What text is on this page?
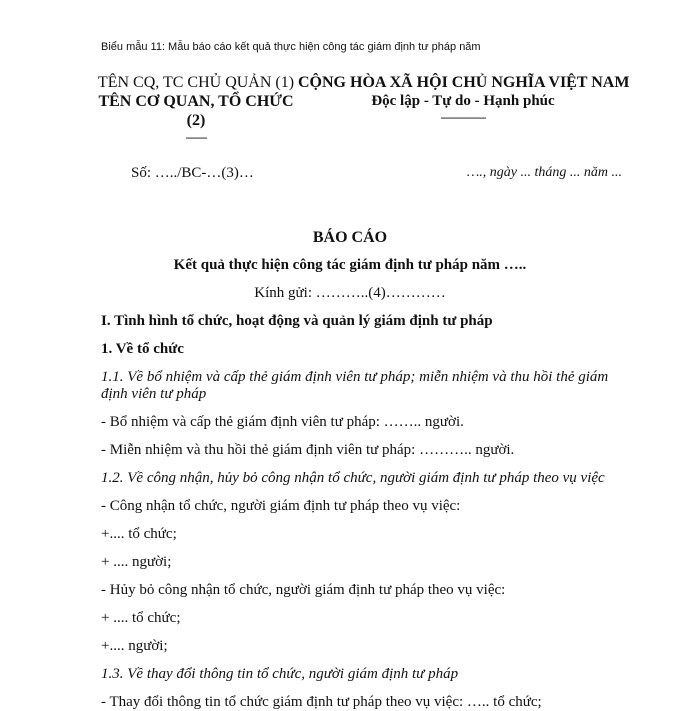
Biểu mẫu 11: Mẫu báo cáo kết quả thực hiện công tác giám định tư pháp năm
TÊN CQ, TC CHỦ QUẢN (1)
TÊN CƠ QUAN, TỔ CHỨC
(2)
-------
CỘNG HÒA XÃ HỘI CHỦ NGHĨA VIỆT NAM
Độc lập - Tự do - Hạnh phúc
---------------
Số: …../BC-…(3)…	…., ngày ... tháng ... năm ...
BÁO CÁO
Kết quả thực hiện công tác giám định tư pháp năm …..
Kính gửi: ………..(4)…………
I. Tình hình tổ chức, hoạt động và quản lý giám định tư pháp
1. Về tổ chức
1.1. Về bổ nhiệm và cấp thẻ giám định viên tư pháp; miễn nhiệm và thu hồi thẻ giám định viên tư pháp
- Bổ nhiệm và cấp thẻ giám định viên tư pháp: …….. người.
- Miễn nhiệm và thu hồi thẻ giám định viên tư pháp: ……….. người.
1.2. Về công nhận, hủy bỏ công nhận tổ chức, người giám định tư pháp theo vụ việc
- Công nhận tổ chức, người giám định tư pháp theo vụ việc:
+.... tổ chức;
+ .... người;
- Hủy bỏ công nhận tổ chức, người giám định tư pháp theo vụ việc:
+ .... tổ chức;
+.... người;
1.3. Về thay đổi thông tin tổ chức, người giám định tư pháp
- Thay đổi thông tin tổ chức giám định tư pháp theo vụ việc: ….. tổ chức;
